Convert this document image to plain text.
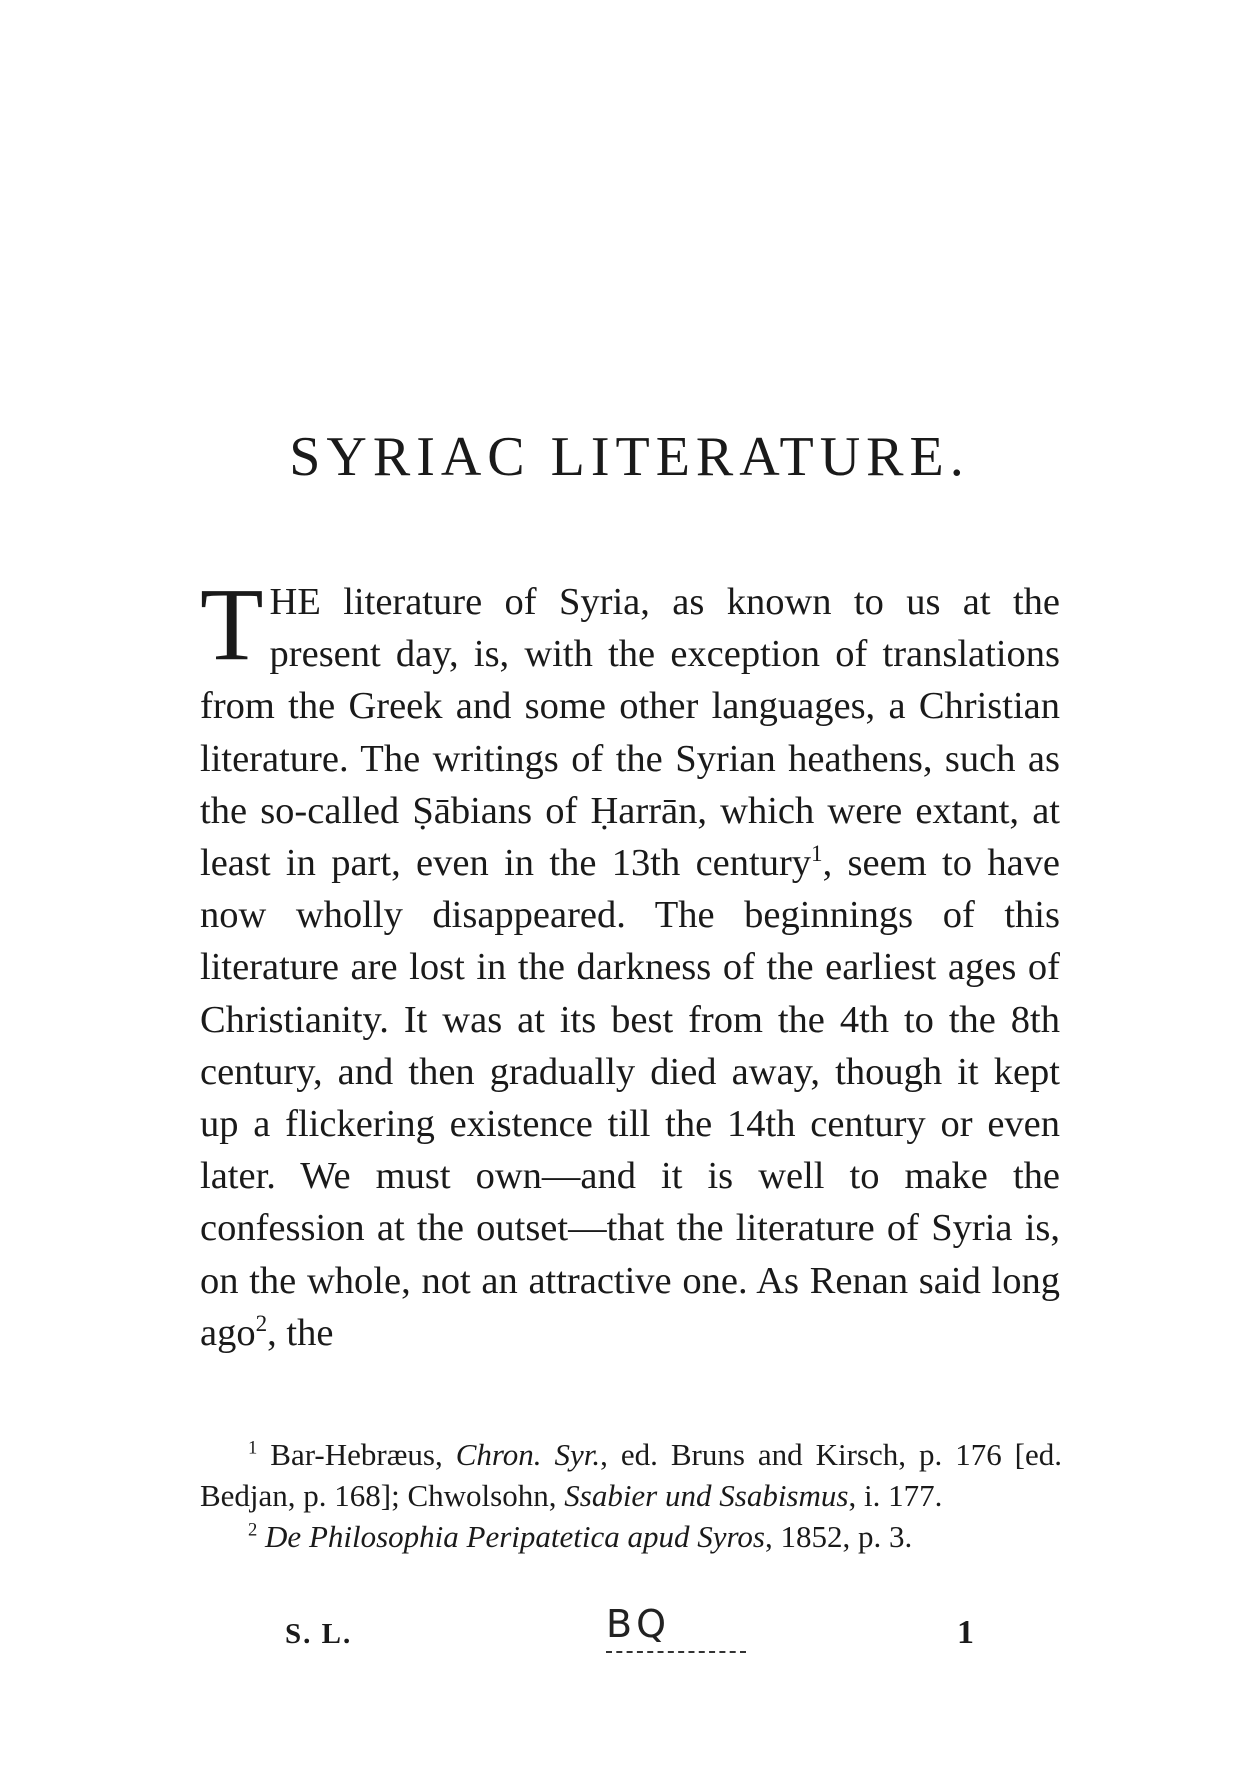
SYRIAC LITERATURE.

THE literature of Syria, as known to us at the present day, is, with the exception of translations from the Greek and some other languages, a Christian literature. The writings of the Syrian heathens, such as the so-called Ṣābians of Ḥarrān, which were extant, at least in part, even in the 13th century$^1$, seem to have now wholly disappeared. The beginnings of this literature are lost in the darkness of the earliest ages of Christianity. It was at its best from the 4th to the 8th century, and then gradually died away, though it kept up a flickering existence till the 14th century or even later. We must own—and it is well to make the confession at the outset—that the literature of Syria is, on the whole, not an attractive one. As Renan said long ago$^2$, the

$^1$ Bar-Hebræus, Chron. Syr., ed. Bruns and Kirsch, p. 176 [ed. Bedjan, p. 168]; Chwolsohn, Ssabier und Ssabismus, i. 177.

$^2$ De Philosophia Peripatetica apud Syros, 1852, p. 3.

S. L.	BQ	1
